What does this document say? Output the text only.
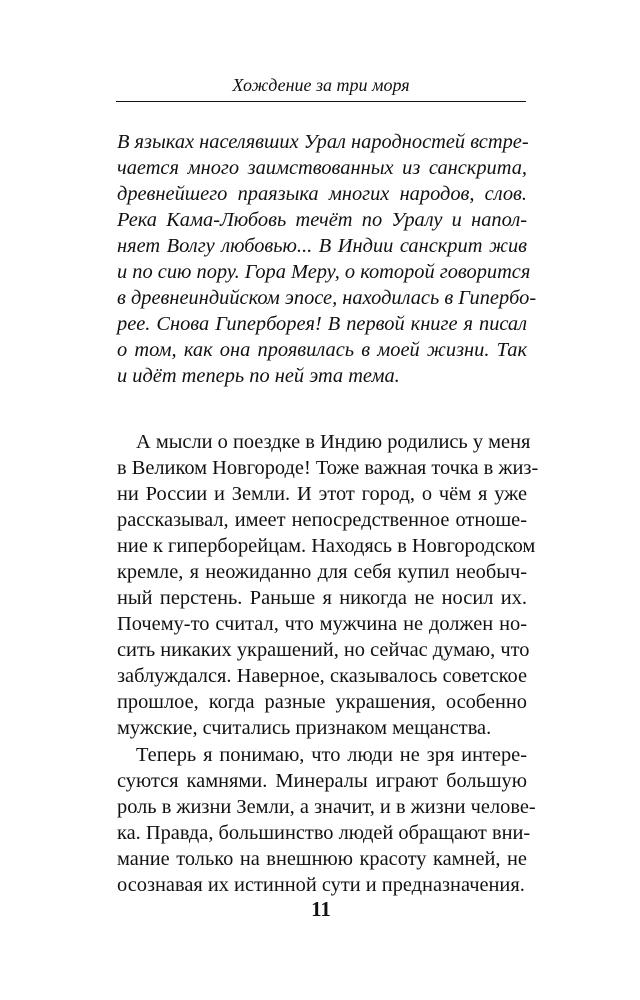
Хождение за три моря
В языках населявших Урал народностей встре-
чается много заимствованных из санскрита,
древнейшего праязыка многих народов, слов.
Река Кама-Любовь течёт по Уралу и напол-
няет Волгу любовью... В Индии санскрит жив
и по сию пору. Гора Меру, о которой говорится
в древнеиндийском эпосе, находилась в Гипербо-
рее. Снова Гиперборея! В первой книге я писал
о том, как она проявилась в моей жизни. Так
и идёт теперь по ней эта тема.
А мысли о поездке в Индию родились у меня
в Великом Новгороде! Тоже важная точка в жиз-
ни России и Земли. И этот город, о чём я уже
рассказывал, имеет непосредственное отноше-
ние к гиперборейцам. Находясь в Новгородском
кремле, я неожиданно для себя купил необыч-
ный перстень. Раньше я никогда не носил их.
Почему-то считал, что мужчина не должен но-
сить никаких украшений, но сейчас думаю, что
заблуждался. Наверное, сказывалось советское
прошлое, когда разные украшения, особенно
мужские, считались признаком мещанства.
Теперь я понимаю, что люди не зря интере-
суются камнями. Минералы играют большую
роль в жизни Земли, а значит, и в жизни челове-
ка. Правда, большинство людей обращают вни-
мание только на внешнюю красоту камней, не
осознавая их истинной сути и предназначения.
11
